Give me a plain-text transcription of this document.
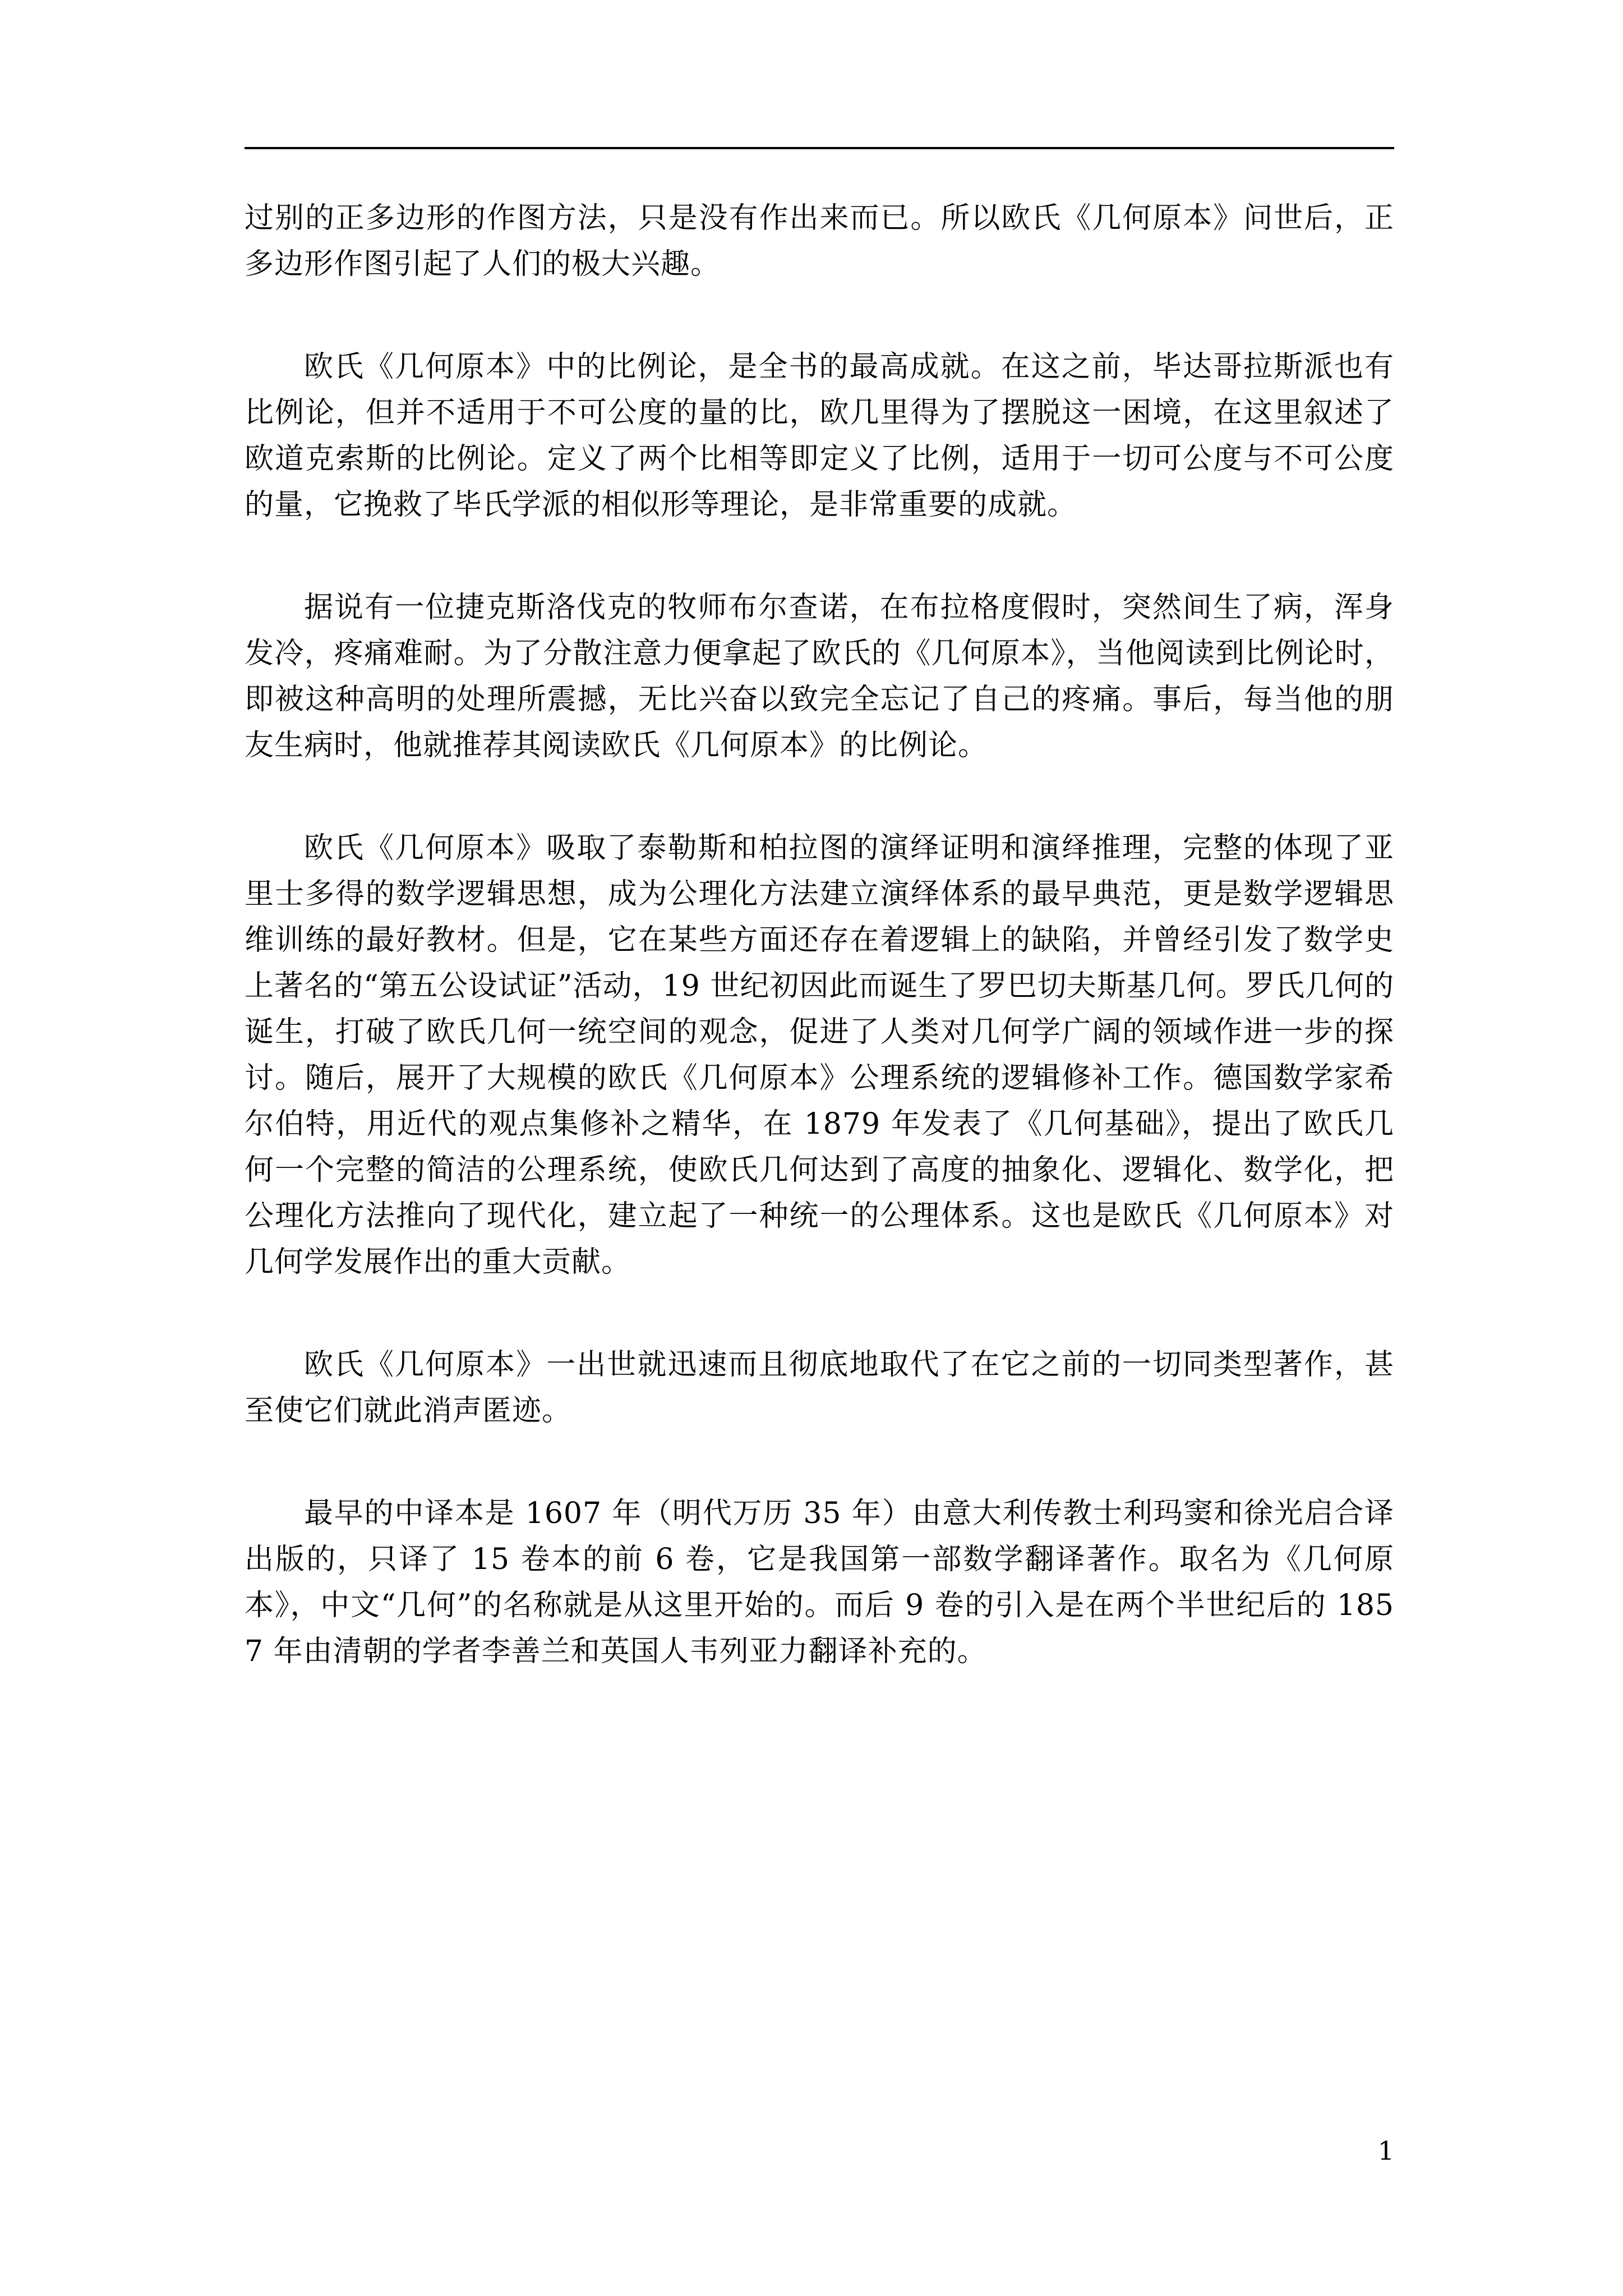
过别的正多边形的作图方法，只是没有作出来而已。所以欧氏《几何原本》问世后，正多边形作图引起了人们的极大兴趣。

欧氏《几何原本》中的比例论，是全书的最高成就。在这之前，毕达哥拉斯派也有比例论，但并不适用于不可公度的量的比，欧几里得为了摆脱这一困境，在这里叙述了欧道克索斯的比例论。定义了两个比相等即定义了比例，适用于一切可公度与不可公度的量，它挽救了毕氏学派的相似形等理论，是非常重要的成就。

据说有一位捷克斯洛伐克的牧师布尔查诺，在布拉格度假时，突然间生了病，浑身发冷，疼痛难耐。为了分散注意力便拿起了欧氏的《几何原本》，当他阅读到比例论时，即被这种高明的处理所震撼，无比兴奋以致完全忘记了自己的疼痛。事后，每当他的朋友生病时，他就推荐其阅读欧氏《几何原本》的比例论。

欧氏《几何原本》吸取了泰勒斯和柏拉图的演绎证明和演绎推理，完整的体现了亚里士多得的数学逻辑思想，成为公理化方法建立演绎体系的最早典范，更是数学逻辑思维训练的最好教材。但是，它在某些方面还存在着逻辑上的缺陷，并曾经引发了数学史上著名的“第五公设试证”活动，19 世纪初因此而诞生了罗巴切夫斯基几何。罗氏几何的诞生，打破了欧氏几何一统空间的观念，促进了人类对几何学广阔的领域作进一步的探讨。随后，展开了大规模的欧氏《几何原本》公理系统的逻辑修补工作。德国数学家希尔伯特，用近代的观点集修补之精华，在 1879 年发表了《几何基础》，提出了欧氏几何一个完整的简洁的公理系统，使欧氏几何达到了高度的抽象化、逻辑化、数学化，把公理化方法推向了现代化，建立起了一种统一的公理体系。这也是欧氏《几何原本》对几何学发展作出的重大贡献。

欧氏《几何原本》一出世就迅速而且彻底地取代了在它之前的一切同类型著作，甚至使它们就此消声匿迹。

最早的中译本是 1607 年（明代万历 35 年）由意大利传教士利玛窦和徐光启合译出版的，只译了 15 卷本的前 6 卷，它是我国第一部数学翻译著作。取名为《几何原本》，中文“几何”的名称就是从这里开始的。而后 9 卷的引入是在两个半世纪后的 1857 年由清朝的学者李善兰和英国人韦列亚力翻译补充的。

1
